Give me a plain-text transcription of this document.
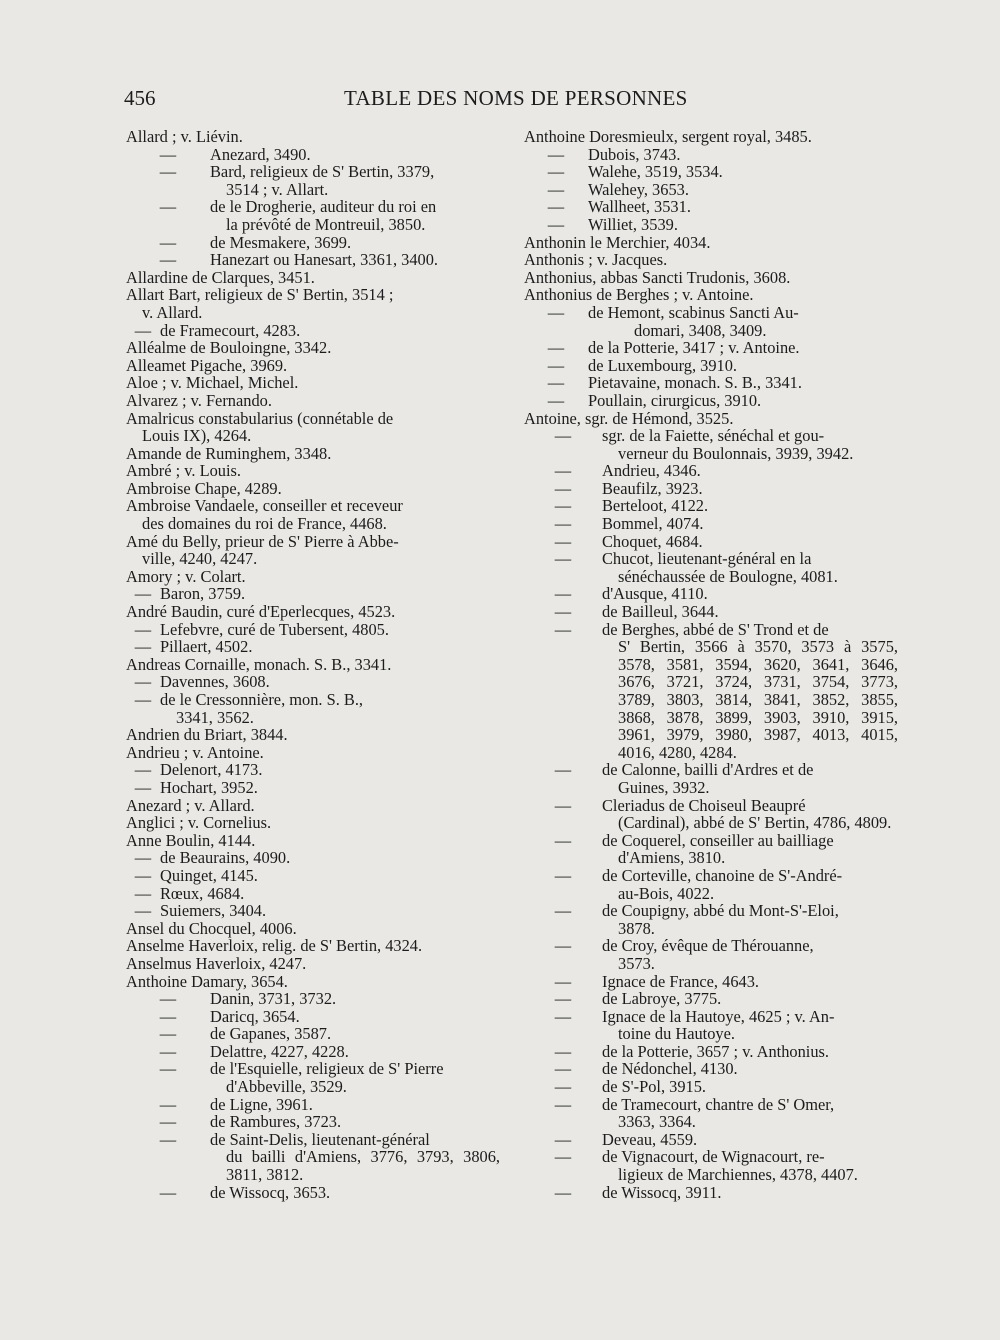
456	TABLE DES NOMS DE PERSONNES
Allard ; v. Liévin.
— Anezard, 3490.
— Bard, religieux de S' Bertin, 3379,
3514 ; v. Allart.
— de le Drogherie, auditeur du roi en
la prévôté de Montreuil, 3850.
— de Mesmakere, 3699.
— Hanezart ou Hanesart, 3361, 3400.
Allardine de Clarques, 3451.
Allart Bart, religieux de S' Bertin, 3514 ;
v. Allard.
— de Framecourt, 4283.
Alléalme de Bouloingne, 3342.
Alleamet Pigache, 3969.
Aloe ; v. Michael, Michel.
Alvarez ; v. Fernando.
Amalricus constabularius (connétable de
Louis IX), 4264.
Amande de Ruminghem, 3348.
Ambré ; v. Louis.
Ambroise Chape, 4289.
Ambroise Vandaele, conseiller et receveur
des domaines du roi de France, 4468.
Amé du Belly, prieur de S' Pierre à Abbe-
ville, 4240, 4247.
Amory ; v. Colart.
— Baron, 3759.
André Baudin, curé d'Eperlecques, 4523.
— Lefebvre, curé de Tubersent, 4805.
— Pillaert, 4502.
Andreas Cornaille, monach. S. B., 3341.
— Davennes, 3608.
— de le Cressonnière, mon. S. B.,
3341, 3562.
Andrien du Briart, 3844.
Andrieu ; v. Antoine.
— Delenort, 4173.
— Hochart, 3952.
Anezard ; v. Allard.
Anglici ; v. Cornelius.
Anne Boulin, 4144.
— de Beaurains, 4090.
— Quinget, 4145.
— Rœux, 4684.
— Suiemers, 3404.
Ansel du Chocquel, 4006.
Anselme Haverloix, relig. de S' Bertin, 4324.
Anselmus Haverloix, 4247.
Anthoine Damary, 3654.
— Danin, 3731, 3732.
— Daricq, 3654.
— de Gapanes, 3587.
— Delattre, 4227, 4228.
— de l'Esquielle, religieux de S' Pierre
d'Abbeville, 3529.
— de Ligne, 3961.
— de Rambures, 3723.
— de Saint-Delis, lieutenant-général
du bailli d'Amiens, 3776, 3793, 3806, 3811, 3812.
— de Wissocq, 3653.
Anthoine Doresmieulx, sergent royal, 3485.
— Dubois, 3743.
— Walehe, 3519, 3534.
— Walehey, 3653.
— Wallheet, 3531.
— Williet, 3539.
Anthonin le Merchier, 4034.
Anthonis ; v. Jacques.
Anthonius, abbas Sancti Trudonis, 3608.
Anthonius de Berghes ; v. Antoine.
— de Hemont, scabinus Sancti Au-
domari, 3408, 3409.
— de la Potterie, 3417 ; v. Antoine.
— de Luxembourg, 3910.
— Pietavaine, monach. S. B., 3341.
— Poullain, cirurgicus, 3910.
Antoine, sgr. de Hémond, 3525.
— sgr. de la Faiette, sénéchal et gou-
verneur du Boulonnais, 3939, 3942.
— Andrieu, 4346.
— Beaufilz, 3923.
— Berteloot, 4122.
— Bommel, 4074.
— Choquet, 4684.
— Chucot, lieutenant-général en la
sénéchaussée de Boulogne, 4081.
— d'Ausque, 4110.
— de Bailleul, 3644.
— de Berghes, abbé de S' Trond et de
S' Bertin, 3566 à 3570, 3573 à 3575, 3578, 3581, 3594, 3620, 3641, 3646, 3676, 3721, 3724, 3731, 3754, 3773, 3789, 3803, 3814, 3841, 3852, 3855, 3868, 3878, 3899, 3903, 3910, 3915, 3961, 3979, 3980, 3987, 4013, 4015, 4016, 4280, 4284.
— de Calonne, bailli d'Ardres et de
Guines, 3932.
— Cleriadus de Choiseul Beaupré
(Cardinal), abbé de S' Bertin, 4786, 4809.
— de Coquerel, conseiller au bailliage
d'Amiens, 3810.
— de Corteville, chanoine de S'-André-
au-Bois, 4022.
— de Coupigny, abbé du Mont-S'-Eloi,
3878.
— de Croy, évêque de Thérouanne,
3573.
— Ignace de France, 4643.
— de Labroye, 3775.
— Ignace de la Hautoye, 4625 ; v. An-
toine du Hautoye.
— de la Potterie, 3657 ; v. Anthonius.
— de Nédonchel, 4130.
— de S'-Pol, 3915.
— de Tramecourt, chantre de S' Omer,
3363, 3364.
— Deveau, 4559.
— de Vignacourt, de Wignacourt, re-
ligieux de Marchiennes, 4378, 4407.
— de Wissocq, 3911.
